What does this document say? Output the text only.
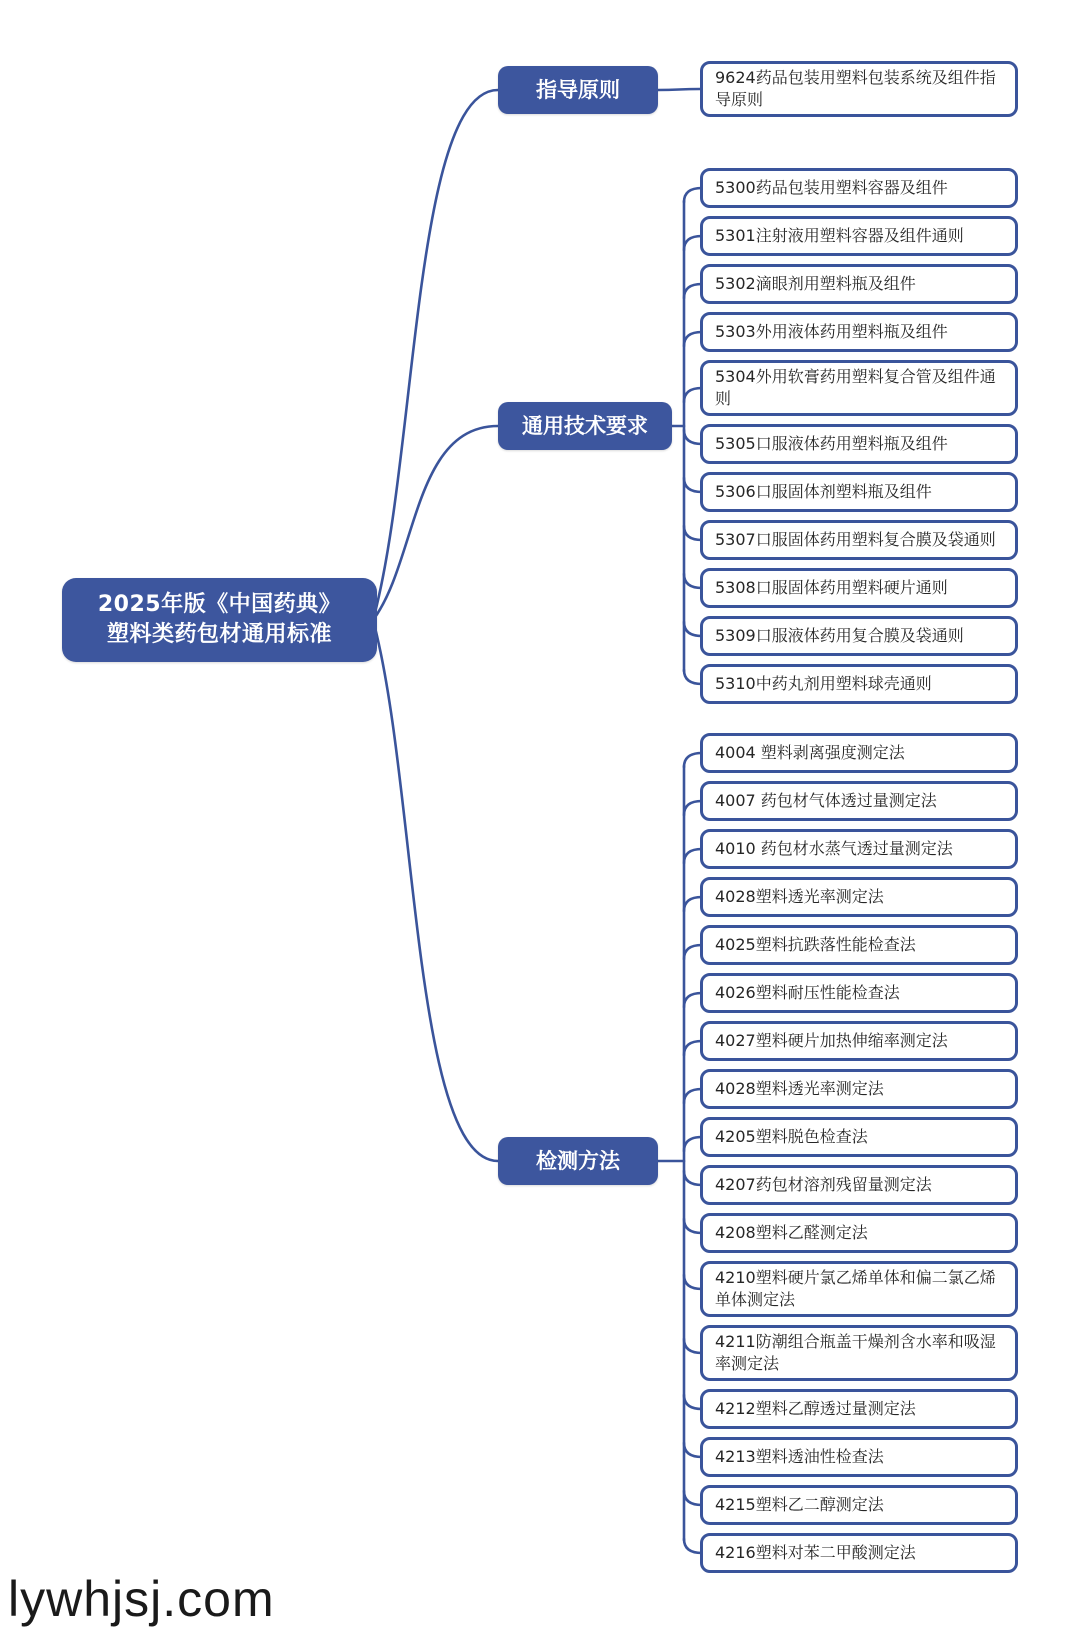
2025年版《中国药典》塑料类药包材通用标准
指导原则
通用技术要求
检测方法
9624药品包装用塑料包装系统及组件指导原则
5300药品包装用塑料容器及组件
5301注射液用塑料容器及组件通则
5302滴眼剂用塑料瓶及组件
5303外用液体药用塑料瓶及组件
5304外用软膏药用塑料复合管及组件通则
5305口服液体药用塑料瓶及组件
5306口服固体剂塑料瓶及组件
5307口服固体药用塑料复合膜及袋通则
5308口服固体药用塑料硬片通则
5309口服液体药用复合膜及袋通则
5310中药丸剂用塑料球壳通则
4004 塑料剥离强度测定法
4007 药包材气体透过量测定法
4010 药包材水蒸气透过量测定法
4028塑料透光率测定法
4025塑料抗跌落性能检查法
4026塑料耐压性能检查法
4027塑料硬片加热伸缩率测定法
4028塑料透光率测定法
4205塑料脱色检查法
4207药包材溶剂残留量测定法
4208塑料乙醛测定法
4210塑料硬片氯乙烯单体和偏二氯乙烯单体测定法
4211防潮组合瓶盖干燥剂含水率和吸湿率测定法
4212塑料乙醇透过量测定法
4213塑料透油性检查法
4215塑料乙二醇测定法
4216塑料对苯二甲酸测定法
lywhjsj.com
